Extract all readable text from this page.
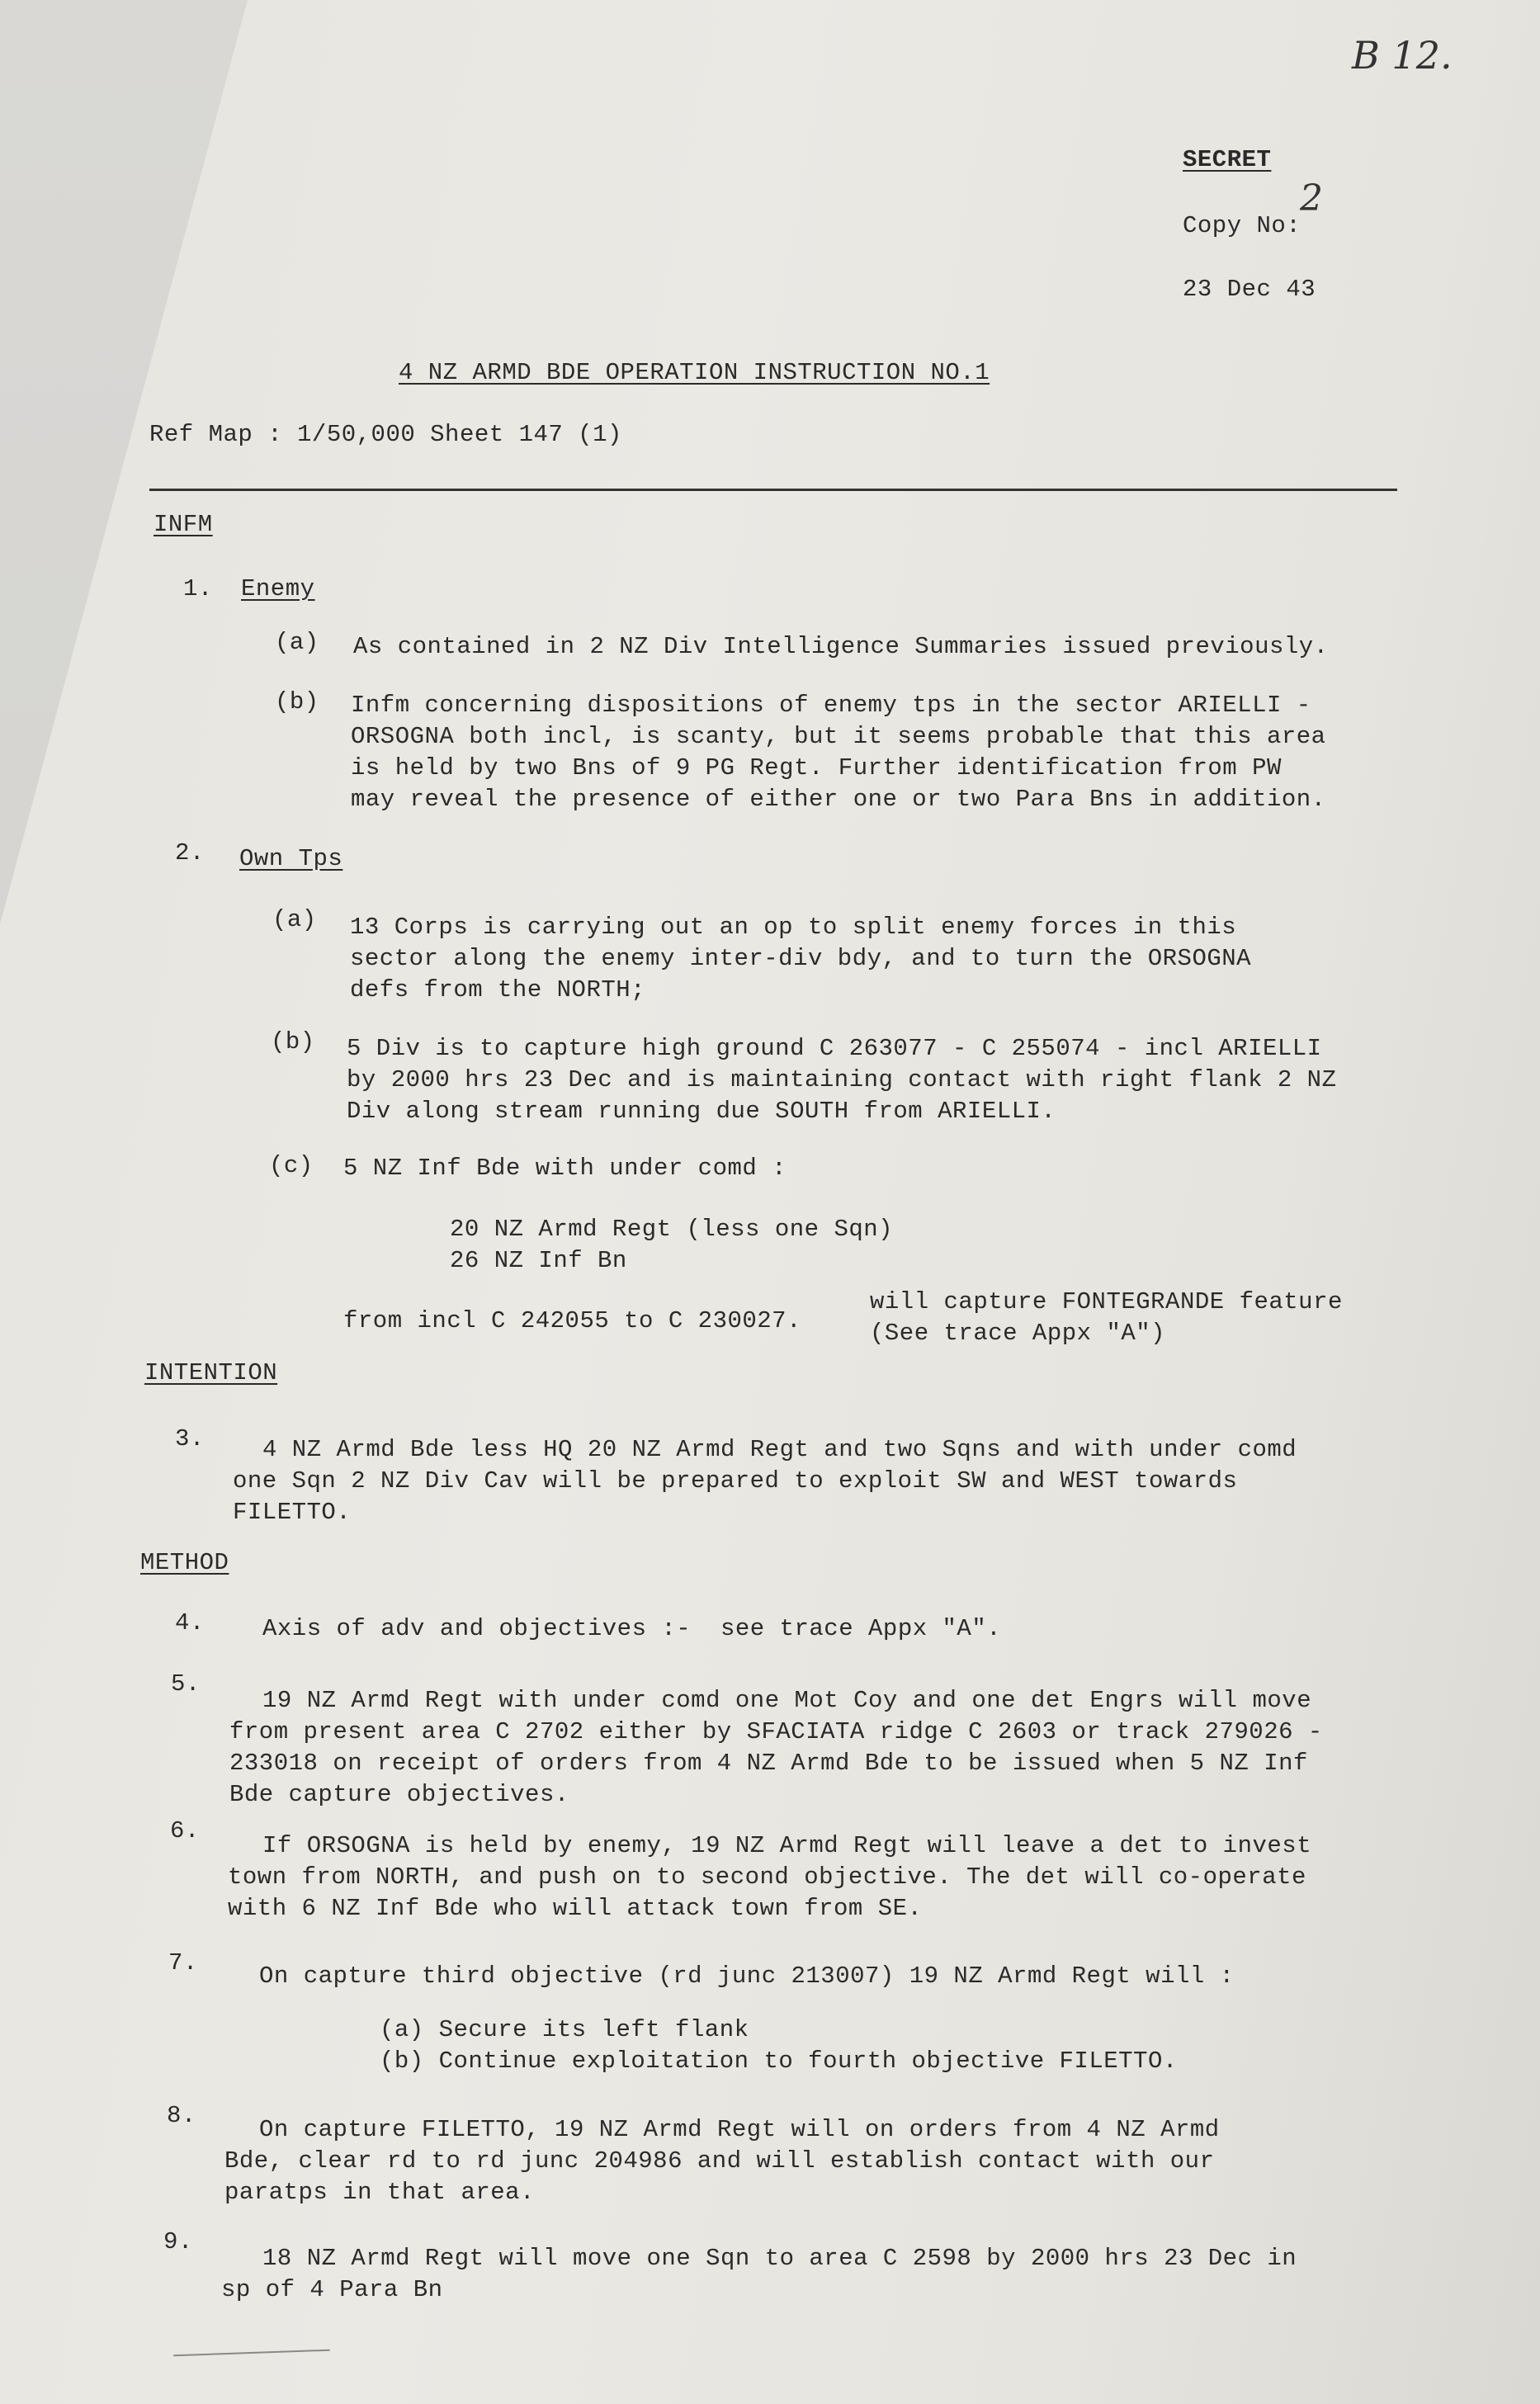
B 12.
SECRET
Copy No:
2
23 Dec 43
4 NZ ARMD BDE OPERATION INSTRUCTION NO.1
Ref Map : 1/50,000 Sheet 147 (1)
INFM
1. Enemy
(a) As contained in 2 NZ Div Intelligence Summaries issued previously.
(b) Infm concerning dispositions of enemy tps in the sector ARIELLI -
ORSOGNA both incl, is scanty, but it seems probable that this area
is held by two Bns of 9 PG Regt. Further identification from PW
may reveal the presence of either one or two Para Bns in addition.
2. Own Tps
(a) 13 Corps is carrying out an op to split enemy forces in this
sector along the enemy inter-div bdy, and to turn the ORSOGNA
defs from the NORTH;
(b) 5 Div is to capture high ground C 263077 - C 255074 - incl ARIELLI
by 2000 hrs 23 Dec and is maintaining contact with right flank 2 NZ
Div along stream running due SOUTH from ARIELLI.
(c) 5 NZ Inf Bde with under comd :
20 NZ Armd Regt (less one Sqn)
26 NZ Inf Bn
will capture FONTEGRANDE feature
from incl C 242055 to C 230027.	(See trace Appx "A")
INTENTION
3. 4 NZ Armd Bde less HQ 20 NZ Armd Regt and two Sqns and with under comd
one Sqn 2 NZ Div Cav will be prepared to exploit SW and WEST towards
FILETTO.
METHOD
4. Axis of adv and objectives :-  see trace Appx "A".
5.
19 NZ Armd Regt with under comd one Mot Coy and one det Engrs will move
from present area C 2702 either by SFACIATA ridge C 2603 or track 279026 -
233018 on receipt of orders from 4 NZ Armd Bde to be issued when 5 NZ Inf
Bde capture objectives.
6.
If ORSOGNA is held by enemy, 19 NZ Armd Regt will leave a det to invest
town from NORTH, and push on to second objective. The det will co-operate
with 6 NZ Inf Bde who will attack town from SE.
7.	On capture third objective (rd junc 213007) 19 NZ Armd Regt will :
(a) Secure its left flank
(b) Continue exploitation to fourth objective FILETTO.
8.
On capture FILETTO, 19 NZ Armd Regt will on orders from 4 NZ Armd
Bde, clear rd to rd junc 204986 and will establish contact with our
paratps in that area.
9.
18 NZ Armd Regt will move one Sqn to area C 2598 by 2000 hrs 23 Dec in
sp of 4 Para Bn
